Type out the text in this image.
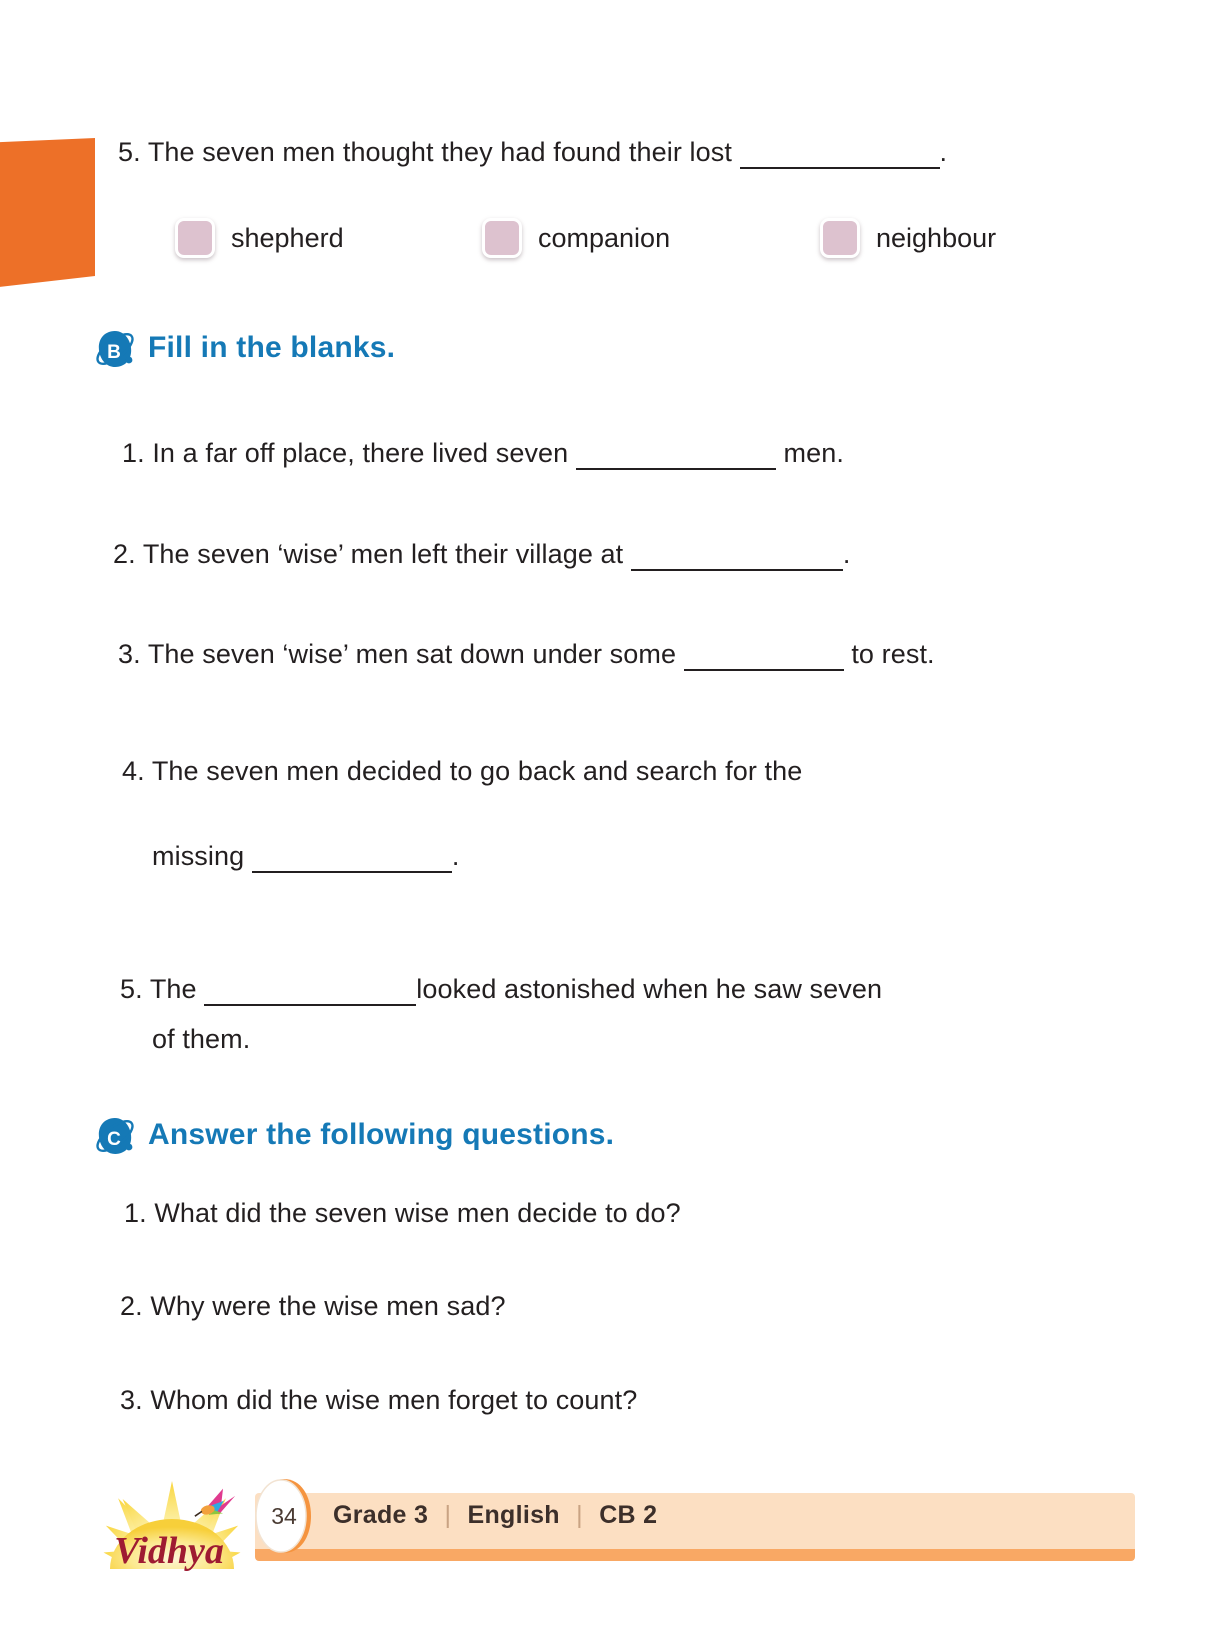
5. The seven men thought they had found their lost	.
shepherd	companion	neighbour
B Fill in the blanks.
1. In a far off place, there lived seven	men.
2. The seven ‘wise’ men left their village at	.
3. The seven ‘wise’ men sat down under some	to rest.
4. The seven men decided to go back and search for the
missing	.
5. The	looked astonished when he saw seven
of them.
C Answer the following questions.
1. What did the seven wise men decide to do?
2. Why were the wise men sad?
3. Whom did the wise men forget to count?
Vidhya
34	Grade 3 | English | CB 2
